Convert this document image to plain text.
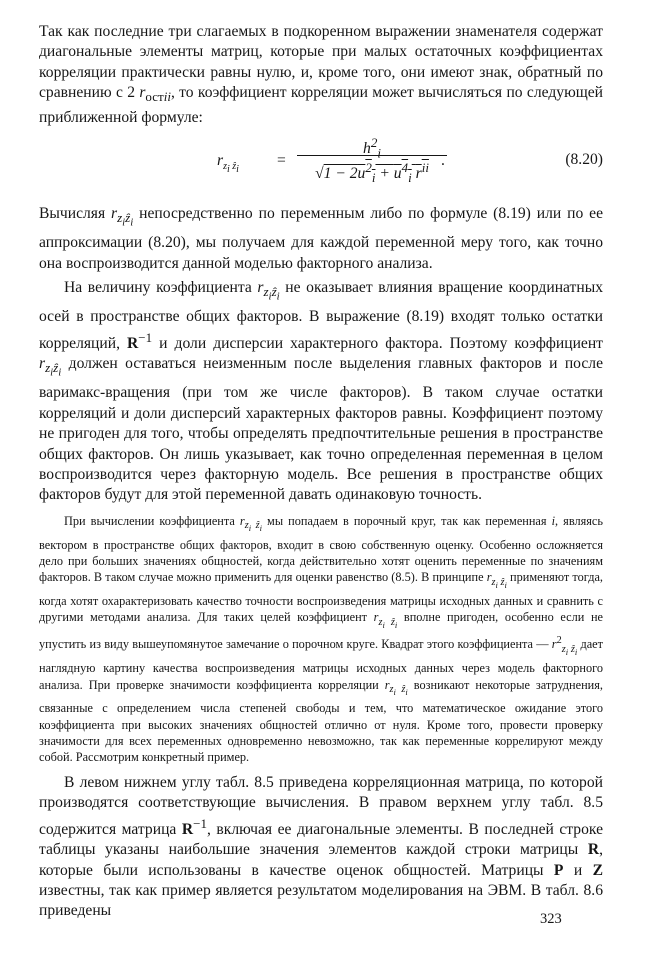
Так как последние три слагаемых в подкоренном выражении знаменателя содержат диагональные элементы матриц, которые при малых остаточных коэффициентах корреляции практически равны нулю, и, кроме того, они имеют знак, обратный по сравнению с 2 $r_{остii}$, то коэффициент корреляции может вычисляться по следующей приближенной формуле:

$r_{z_i ẑ_i}$
=
$h^2_i$
$√1 - 2u^2_i + u^4_i$ $r^{ii}$ .	(8.20)

Вычисляя $r_{z_iẑ_i}$ непосредственно по переменным либо по формуле (8.19) или по ее аппроксимации (8.20), мы получаем для каждой переменной меру того, как точно она воспроизводится данной моделью факторного анализа.

На величину коэффициента $r_{z_iẑ_i}$ не оказывает влияния вращение координатных осей в пространстве общих факторов. В выражение (8.19) входят только остатки корреляций, $R^{-1}$ и доли дисперсии характерного фактора. Поэтому коэффициент $r_{z_iẑ_i}$ должен оставаться неизменным после выделения главных факторов и после варимакс-вращения (при том же числе факторов). В таком случае остатки корреляций и доли дисперсий характерных факторов равны. Коэффициент поэтому не пригоден для того, чтобы определять предпочтительные решения в пространстве общих факторов. Он лишь указывает, как точно определенная переменная в целом воспроизводится через факторную модель. Все решения в пространстве общих факторов будут для этой переменной давать одинаковую точность.

При вычислении коэффициента $r_{z_i ẑ_i}$ мы попадаем в порочный круг, так как переменная i, являясь вектором в пространстве общих факторов, входит в свою собственную оценку. Особенно осложняется дело при больших значениях общностей, когда действительно хотят оценить переменные по значениям факторов. В таком случае можно применить для оценки равенство (8.5). В принципе $r_{z_i ẑ_i}$ применяют тогда, когда хотят охарактеризовать качество точности воспроизведения матрицы исходных данных и сравнить с другими методами анализа. Для таких целей коэффициент $r_{z_i ẑ_i}$ вполне пригоден, особенно если не упустить из виду вышеупомянутое замечание о порочном круге. Квадрат этого коэффициента — $r^2_{z_i ẑ_i}$ дает наглядную картину качества воспроизведения матрицы исходных данных через модель факторного анализа. При проверке значимости коэффициента корреляции $r_{z_i ẑ_i}$ возникают некоторые затруднения, связанные с определением числа степеней свободы и тем, что математическое ожидание этого коэффициента при высоких значениях общностей отлично от нуля. Кроме того, провести проверку значимости для всех переменных одновременно невозможно, так как переменные коррелируют между собой. Рассмотрим конкретный пример.

В левом нижнем углу табл. 8.5 приведена корреляционная матрица, по которой производятся соответствующие вычисления. В правом верхнем углу табл. 8.5 содержится матрица $R^{-1}$, включая ее диагональные элементы. В последней строке таблицы указаны наибольшие значения элементов каждой строки матрицы R, которые были использованы в качестве оценок общностей. Матрицы P и Z известны, так как пример является результатом моделирования на ЭВМ. В табл. 8.6 приведены	323
